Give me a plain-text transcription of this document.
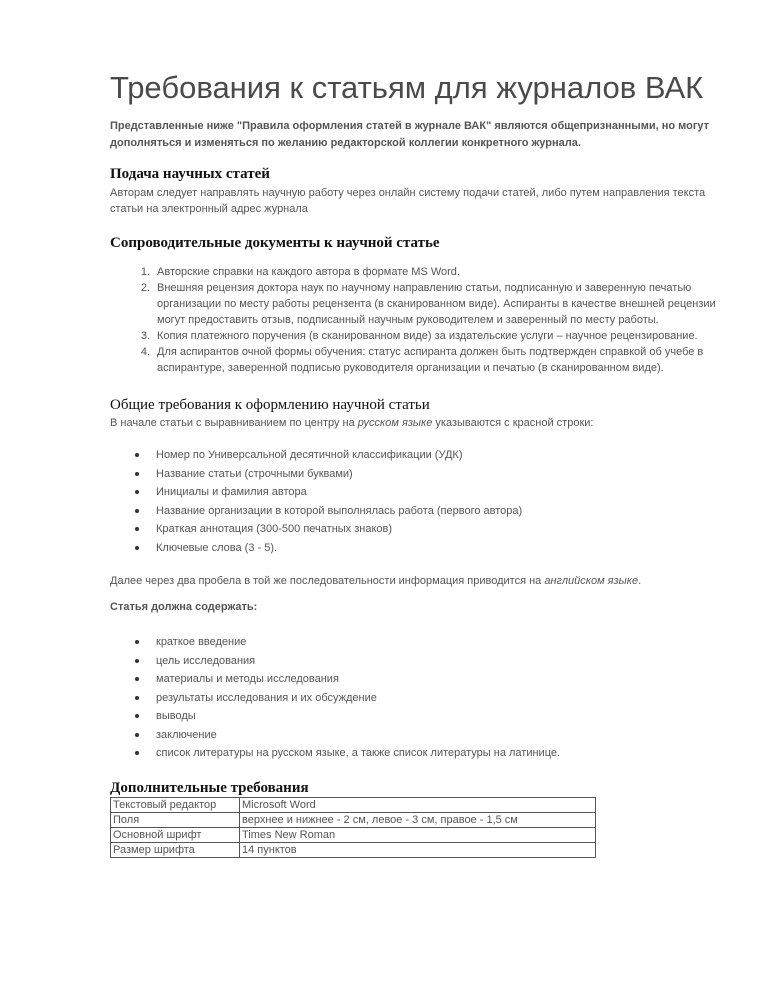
Требования к статьям для журналов ВАК

Представленные ниже "Правила оформления статей в журнале ВАК" являются общепризнанными, но могут дополняться и изменяться по желанию редакторской коллегии конкретного журнала.

Подача научных статей

Авторам следует направлять научную работу через онлайн систему подачи статей, либо путем направления текста статьи на электронный адрес журнала

Сопроводительные документы к научной статье
1. Авторские справки на каждого автора в формате MS Word.
2. Внешняя рецензия доктора наук по научному направлению статьи, подписанную и заверенную печатью организации по месту работы рецензента (в сканированном виде). Аспиранты в качестве внешней рецензии могут предоставить отзыв, подписанный научным руководителем и заверенный по месту работы.
3. Копия платежного поручения (в сканированном виде) за издательские услуги – научное рецензирование.
4. Для аспирантов очной формы обучения: статус аспиранта должен быть подтвержден справкой об учебе в аспирантуре, заверенной подписью руководителя организации и печатью (в сканированном виде).
Общие требования к оформлению научной статьи

В начале статьи с выравниванием по центру на русском языке указываются с красной строки:

Номер по Универсальной десятичной классификации (УДК)
Название статьи (строчными буквами)
Инициалы и фамилия автора
Название организации в которой выполнялась работа (первого автора)
Краткая аннотация (300-500 печатных знаков)
Ключевые слова (3 - 5).

Далее через два пробела в той же последовательности информация приводится на английском языке.

Статья должна содержать:

краткое введение
цель исследования
материалы и методы исследования
результаты исследования и их обсуждение
выводы
заключение
список литературы на русском языке, а также список литературы на латинице.
Дополнительные требования
Текстовый редактор	Microsoft Word
Поля	верхнее и нижнее - 2 см, левое - 3 см, правое - 1,5 см
Основной шрифт	Times New Roman
Размер шрифта	14 пунктов
